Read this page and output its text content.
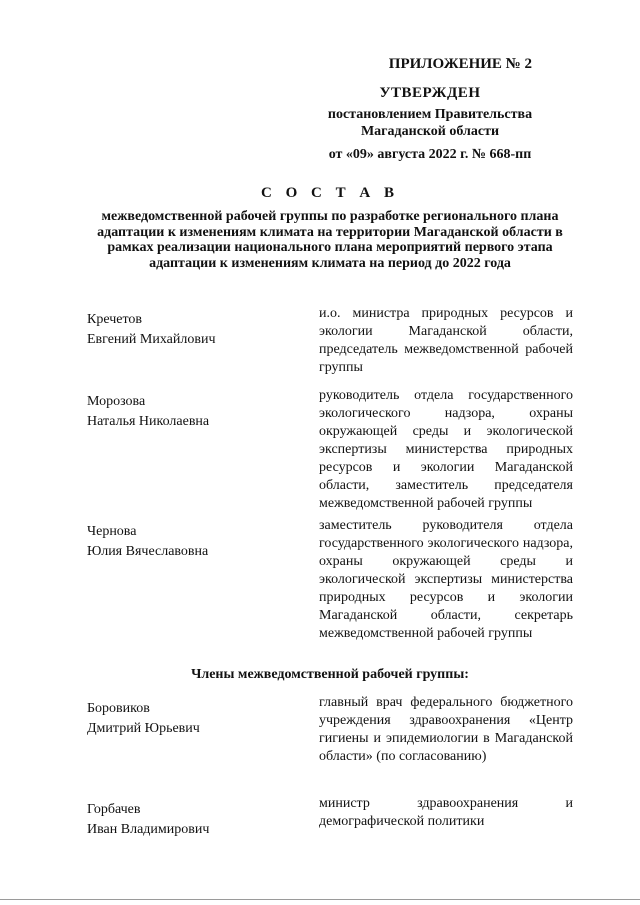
ПРИЛОЖЕНИЕ № 2
УТВЕРЖДЕН
постановлением Правительства
Магаданской области
от «09» августа 2022 г. № 668-пп
С О С Т А В
межведомственной рабочей группы по разработке регионального плана адаптации к изменениям климата на территории Магаданской области в рамках реализации национального плана мероприятий первого этапа адаптации к изменениям климата на период до 2022 года
Кречетов
Евгений Михайлович
и.о. министра природных ресурсов и экологии Магаданской области, председатель межведомственной рабочей группы
Морозова
Наталья Николаевна
руководитель отдела государственного экологического надзора, охраны окружающей среды и экологической экспертизы министерства природных ресурсов и экологии Магаданской области, заместитель председателя межведомственной рабочей группы
Чернова
Юлия Вячеславовна
заместитель руководителя отдела государственного экологического надзора, охраны окружающей среды и экологической экспертизы министерства природных ресурсов и экологии Магаданской области, секретарь межведомственной рабочей группы
Члены межведомственной рабочей группы:
Боровиков
Дмитрий Юрьевич
главный врач федерального бюджетного учреждения здравоохранения «Центр гигиены и эпидемиологии в Магаданской области» (по согласованию)
Горбачев
Иван Владимирович
министр здравоохранения и демографической политики
